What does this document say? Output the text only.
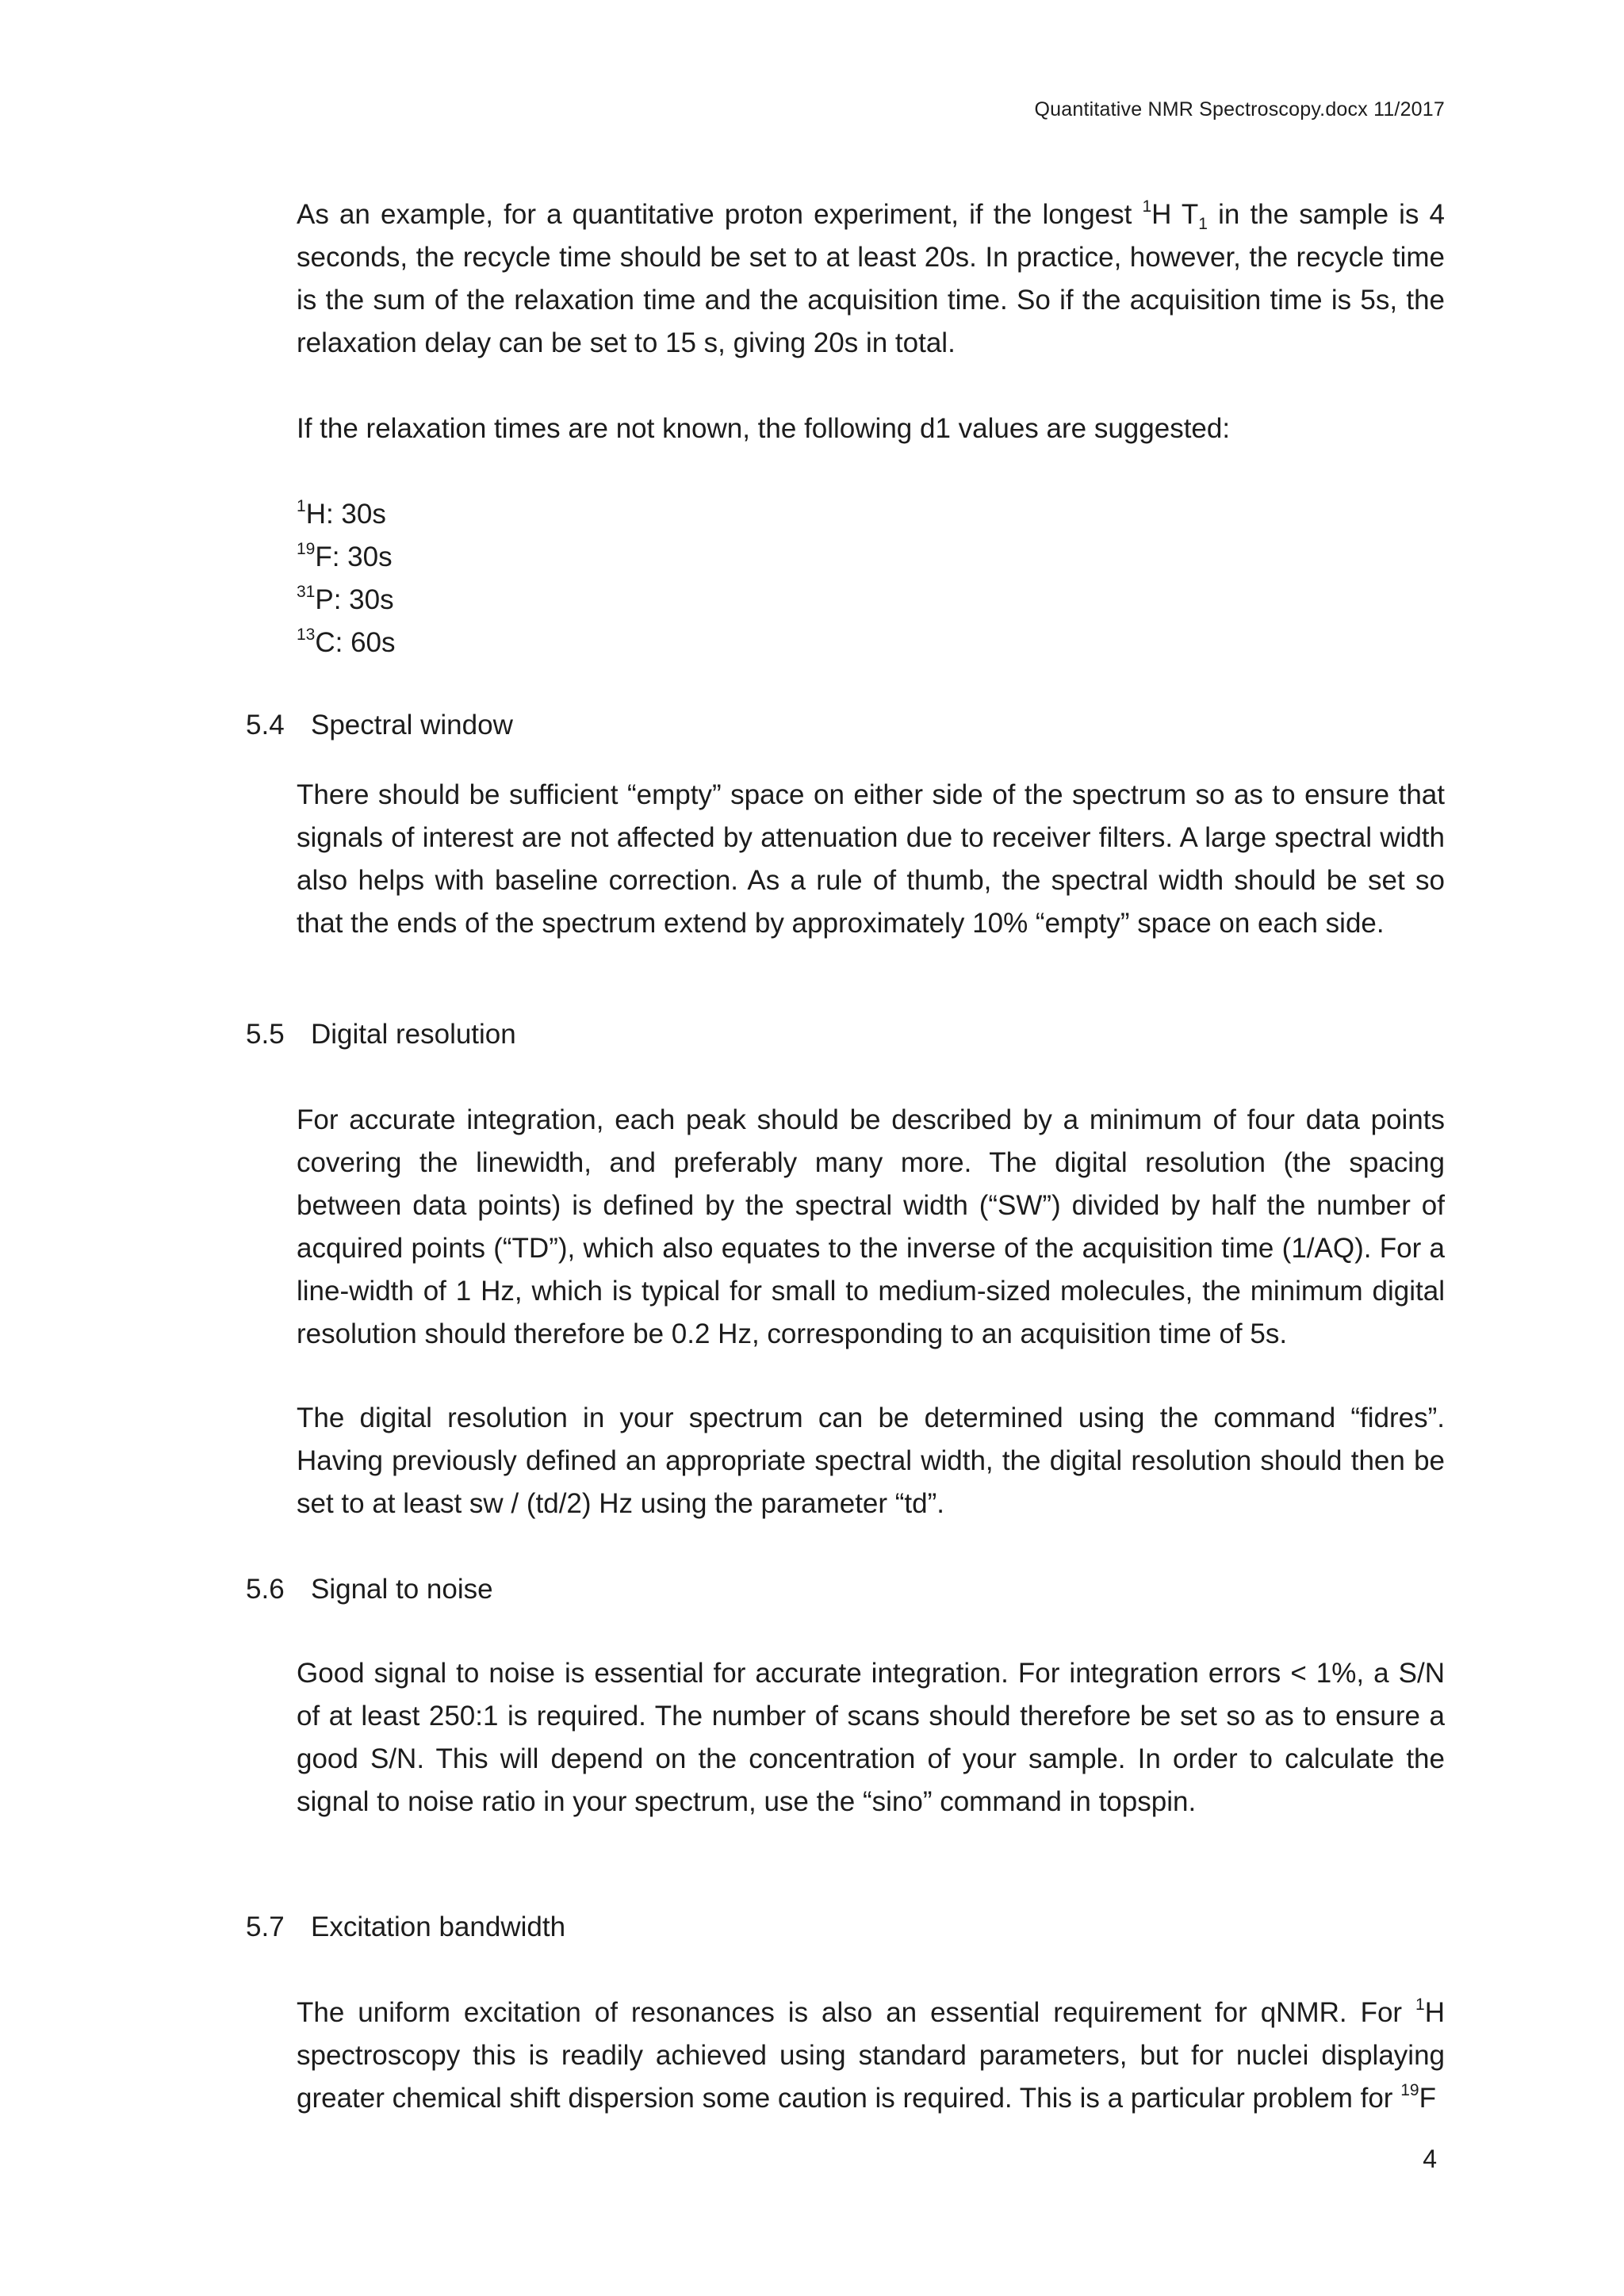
Quantitative NMR Spectroscopy.docx 11/2017

As an example, for a quantitative proton experiment, if the longest $^1$H $T_1$ in the sample is 4 seconds, the recycle time should be set to at least 20s. In practice, however, the recycle time is the sum of the relaxation time and the acquisition time. So if the acquisition time is 5s, the relaxation delay can be set to 15 s, giving 20s in total.

If the relaxation times are not known, the following d1 values are suggested:
$^1$H: 30s
$^{19}$F: 30s
$^{31}$P: 30s
$^{13}$C: 60s
5.4 Spectral window
There should be sufficient “empty” space on either side of the spectrum so as to ensure that signals of interest are not affected by attenuation due to receiver filters. A large spectral width also helps with baseline correction. As a rule of thumb, the spectral width should be set so that the ends of the spectrum extend by approximately 10% “empty” space on each side.
5.5 Digital resolution
For accurate integration, each peak should be described by a minimum of four data points covering the linewidth, and preferably many more. The digital resolution (the spacing between data points) is defined by the spectral width (“SW”) divided by half the number of acquired points (“TD”), which also equates to the inverse of the acquisition time (1/AQ). For a line-width of 1 Hz, which is typical for small to medium-sized molecules, the minimum digital resolution should therefore be 0.2 Hz, corresponding to an acquisition time of 5s.
The digital resolution in your spectrum can be determined using the command “fidres”. Having previously defined an appropriate spectral width, the digital resolution should then be set to at least sw / (td/2) Hz using the parameter “td”.
5.6 Signal to noise
Good signal to noise is essential for accurate integration. For integration errors < 1%, a S/N of at least 250:1 is required. The number of scans should therefore be set so as to ensure a good S/N. This will depend on the concentration of your sample. In order to calculate the signal to noise ratio in your spectrum, use the “sino” command in topspin.
5.7 Excitation bandwidth

The uniform excitation of resonances is also an essential requirement for qNMR. For $^1$H spectroscopy this is readily achieved using standard parameters, but for nuclei displaying greater chemical shift dispersion some caution is required. This is a particular problem for $^{19}$F

4
